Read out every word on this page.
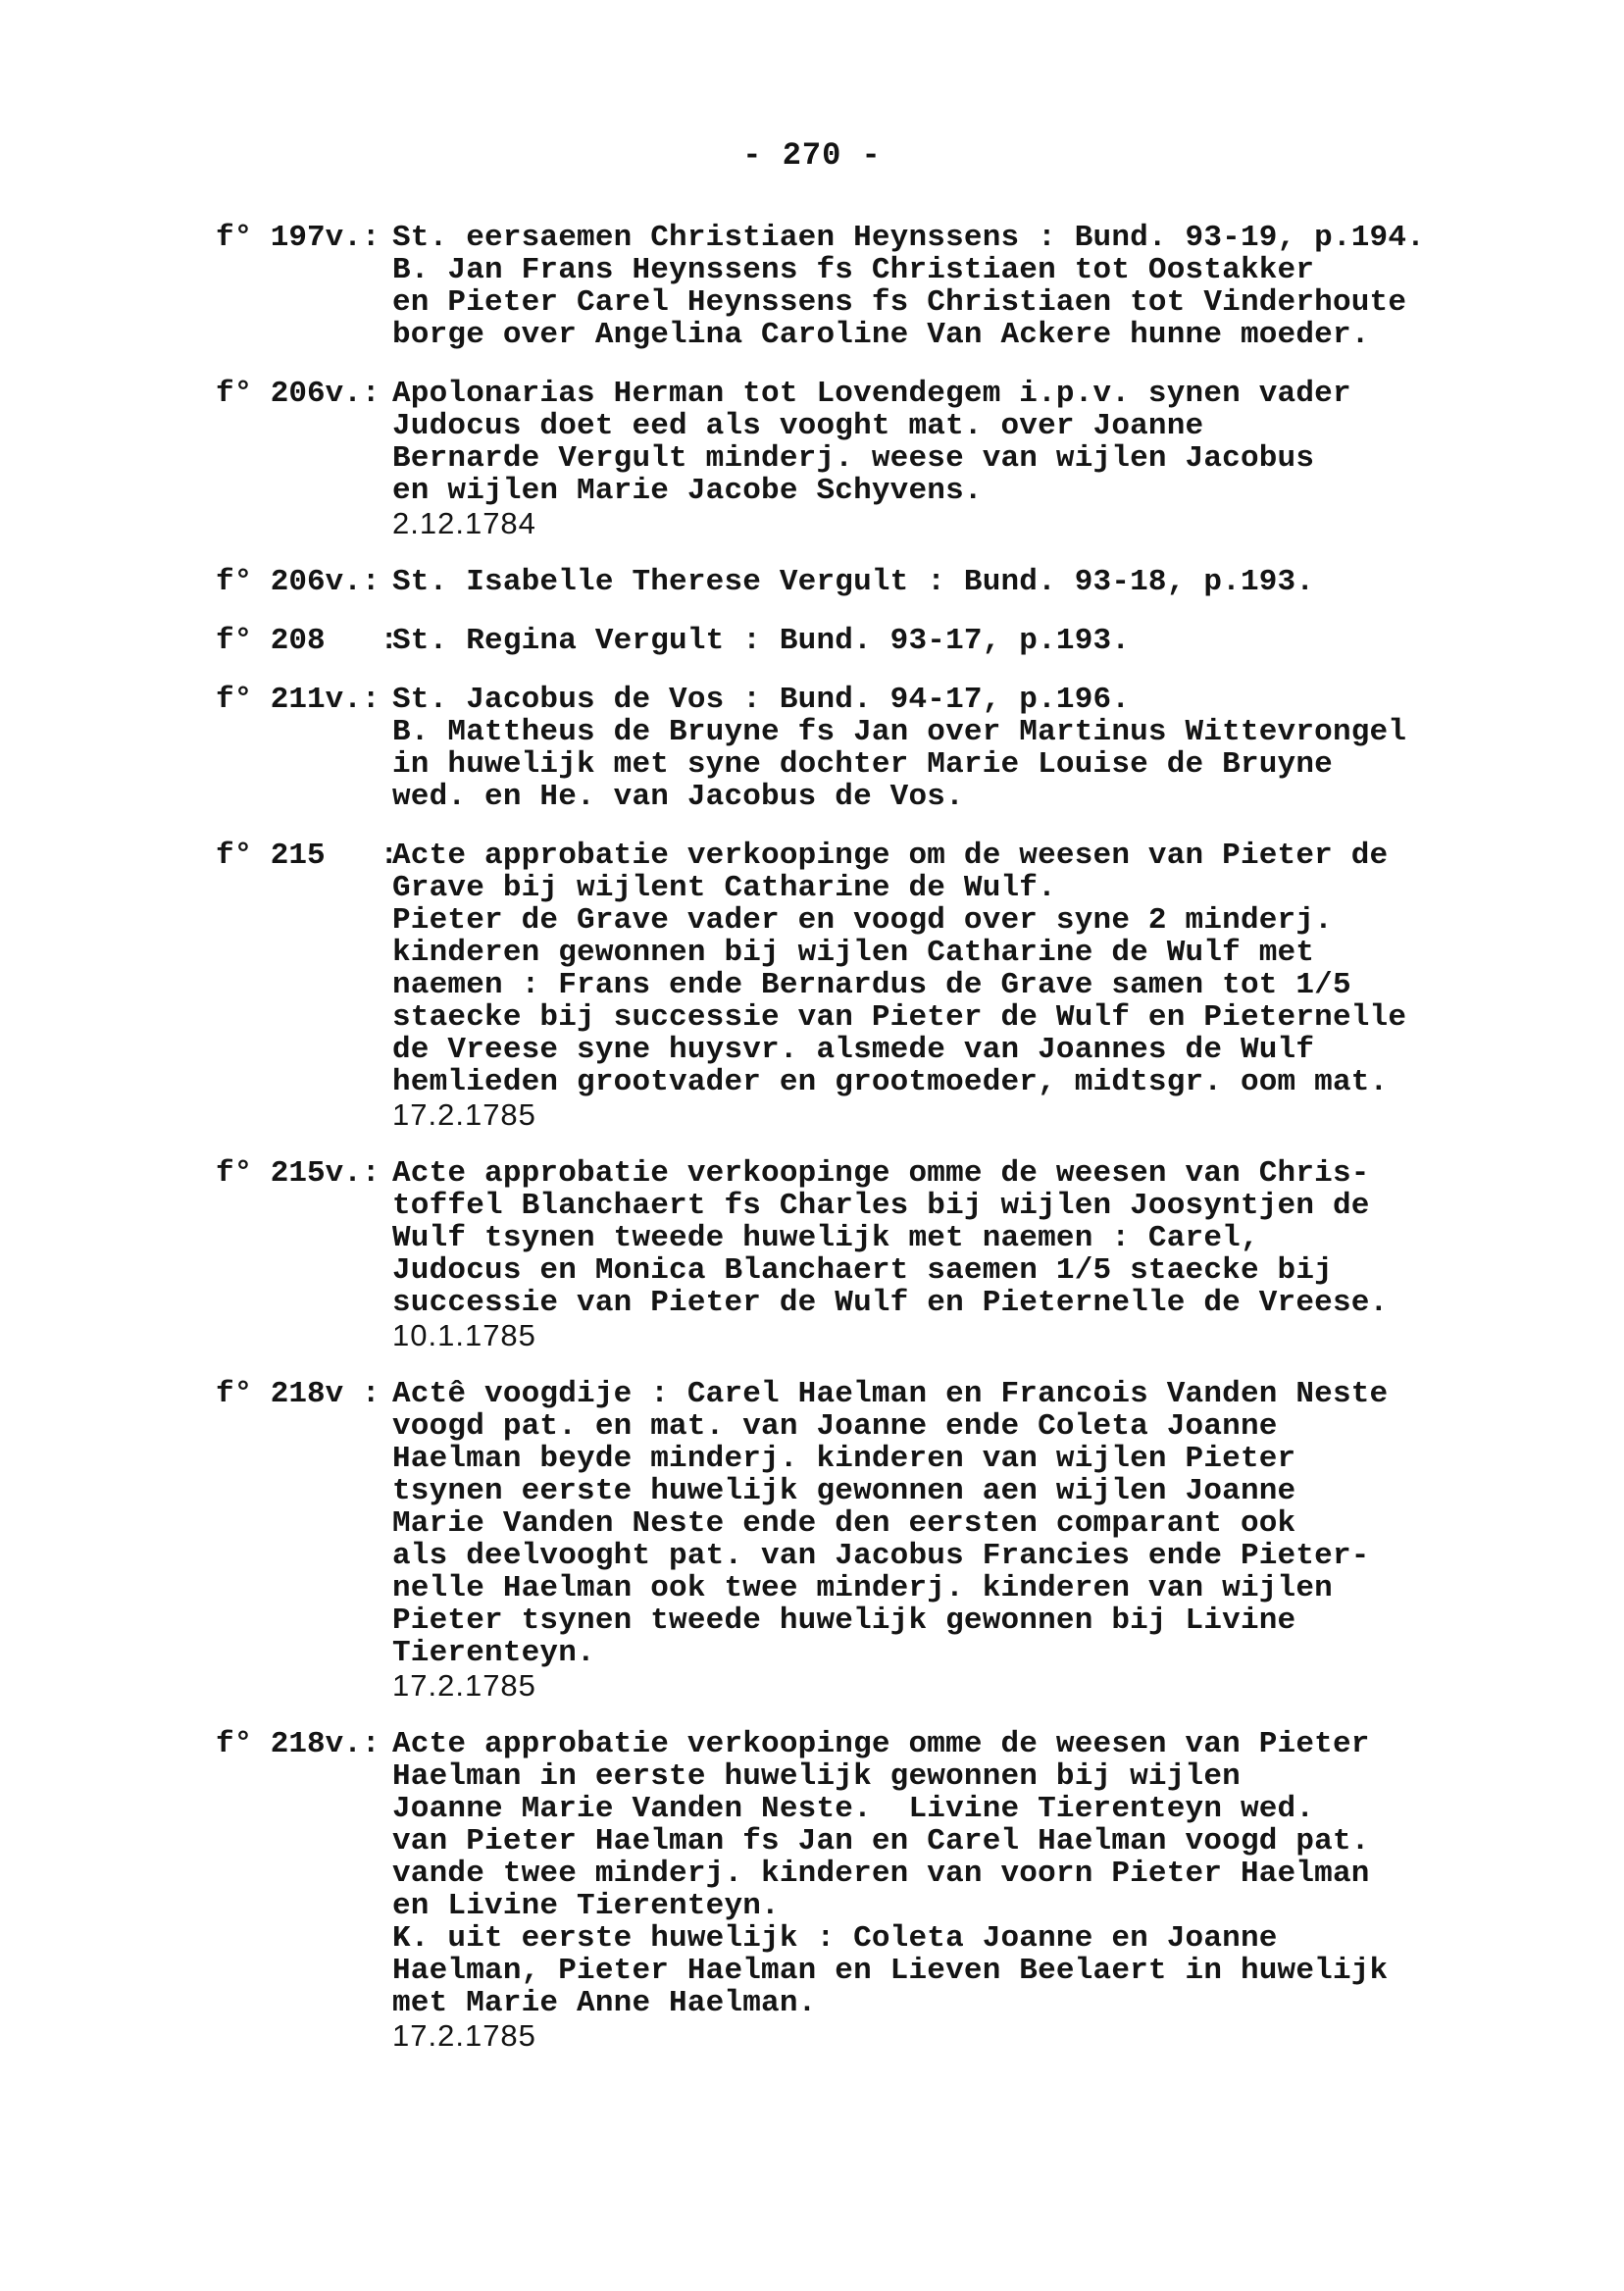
- 270 -
f° 197v.: St. eersaemen Christiaen Heynssens : Bund. 93-19, p.194.
B. Jan Frans Heynssens fs Christiaen tot Oostakker
en Pieter Carel Heynssens fs Christiaen tot Vinderhoute
borge over Angelina Caroline Van Ackere hunne moeder.
f° 206v.: Apolonarias Herman tot Lovendegem i.p.v. synen vader
Judocus doet eed als vooght mat. over Joanne
Bernarde Vergult minderj. weese van wijlen Jacobus
en wijlen Marie Jacobe Schyvens.
2.12.1784
f° 206v.: St. Isabelle Therese Vergult : Bund. 93-18, p.193.
f° 208   :
St. Regina Vergult : Bund. 93-17, p.193.
f° 211v.: St. Jacobus de Vos : Bund. 94-17, p.196.
B. Mattheus de Bruyne fs Jan over Martinus Wittevrongel
in huwelijk met syne dochter Marie Louise de Bruyne
wed. en He. van Jacobus de Vos.
f° 215   :
Acte approbatie verkoopinge om de weesen van Pieter de
Grave bij wijlent Catharine de Wulf.
Pieter de Grave vader en voogd over syne 2 minderj.
kinderen gewonnen bij wijlen Catharine de Wulf met
naemen : Frans ende Bernardus de Grave samen tot 1/5
staecke bij successie van Pieter de Wulf en Pieternelle
de Vreese syne huysvr. alsmede van Joannes de Wulf
hemlieden grootvader en grootmoeder, midtsgr. oom mat.
17.2.1785
f° 215v.: Acte approbatie verkoopinge omme de weesen van Chris-
toffel Blanchaert fs Charles bij wijlen Joosyntjen de
Wulf tsynen tweede huwelijk met naemen : Carel,
Judocus en Monica Blanchaert saemen 1/5 staecke bij
successie van Pieter de Wulf en Pieternelle de Vreese.
10.1.1785
f° 218v : Actê voogdije : Carel Haelman en Francois Vanden Neste
voogd pat. en mat. van Joanne ende Coleta Joanne
Haelman beyde minderj. kinderen van wijlen Pieter
tsynen eerste huwelijk gewonnen aen wijlen Joanne
Marie Vanden Neste ende den eersten comparant ook
als deelvooght pat. van Jacobus Francies ende Pieter-
nelle Haelman ook twee minderj. kinderen van wijlen
Pieter tsynen tweede huwelijk gewonnen bij Livine
Tierenteyn.
17.2.1785
f° 218v.: Acte approbatie verkoopinge omme de weesen van Pieter
Haelman in eerste huwelijk gewonnen bij wijlen
Joanne Marie Vanden Neste.  Livine Tierenteyn wed.
van Pieter Haelman fs Jan en Carel Haelman voogd pat.
vande twee minderj. kinderen van voorn Pieter Haelman
en Livine Tierenteyn.
K. uit eerste huwelijk : Coleta Joanne en Joanne
Haelman, Pieter Haelman en Lieven Beelaert in huwelijk
met Marie Anne Haelman.
17.2.1785
